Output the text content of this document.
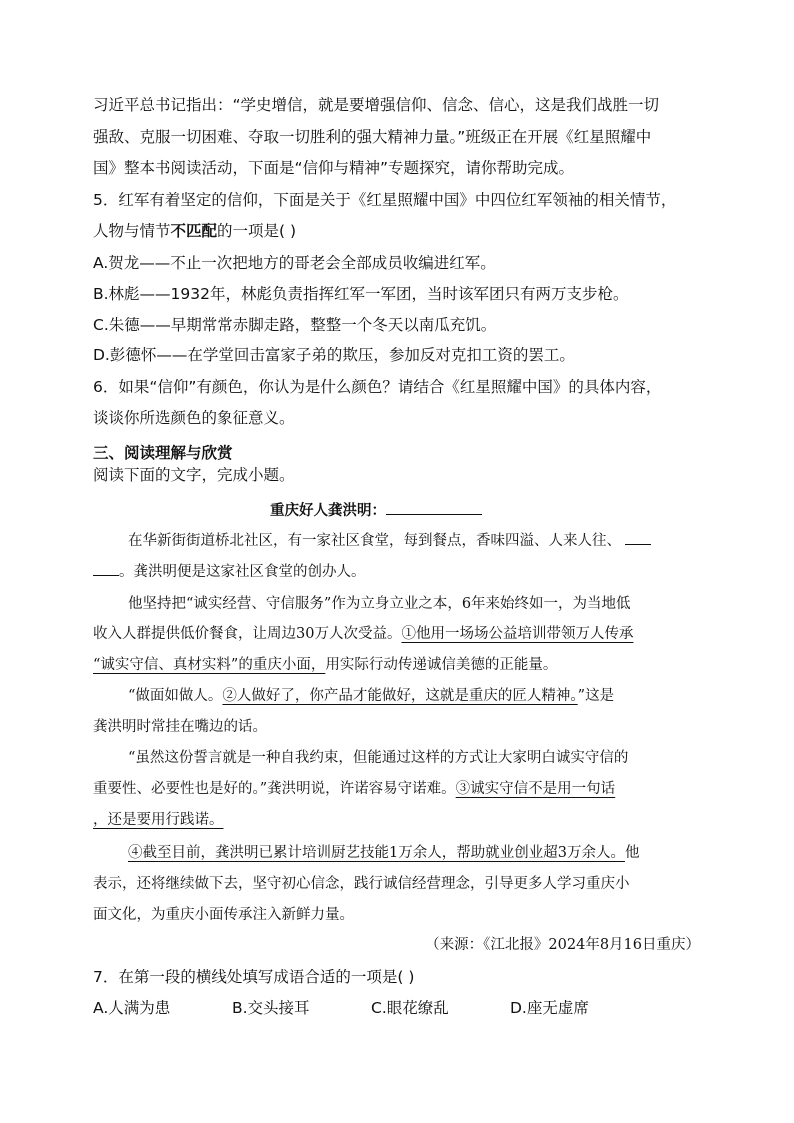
习近平总书记指出：“学史增信，就是要增强信仰、信念、信心，这是我们战胜一切
强敌、克服一切困难、夺取一切胜利的强大精神力量。”班级正在开展《红星照耀中
国》整本书阅读活动，下面是“信仰与精神”专题探究，请你帮助完成。
5．红军有着坚定的信仰，下面是关于《红星照耀中国》中四位红军领袖的相关情节，
人物与情节不匹配的一项是( )
A.贺龙——不止一次把地方的哥老会全部成员收编进红军。
B.林彪——1932年，林彪负责指挥红军一军团，当时该军团只有两万支步枪。
C.朱德——早期常常赤脚走路，整整一个冬天以南瓜充饥。
D.彭德怀——在学堂回击富家子弟的欺压，参加反对克扣工资的罢工。
6．如果“信仰”有颜色，你认为是什么颜色？请结合《红星照耀中国》的具体内容，
谈谈你所选颜色的象征意义。
三、阅读理解与欣赏
阅读下面的文字，完成小题。
重庆好人龚洪明：
在华新街街道桥北社区，有一家社区食堂，每到餐点，香味四溢、人来人往、
。龚洪明便是这家社区食堂的创办人。
他坚持把“诚实经营、守信服务”作为立身立业之本，6年来始终如一，为当地低
收入人群提供低价餐食，让周边30万人次受益。①他用一场场公益培训带领万人传承
“诚实守信、真材实料”的重庆小面，用实际行动传递诚信美德的正能量。
“做面如做人。②人做好了，你产品才能做好，这就是重庆的匠人精神。”这是
龚洪明时常挂在嘴边的话。
“虽然这份誓言就是一种自我约束，但能通过这样的方式让大家明白诚实守信的
重要性、必要性也是好的。”龚洪明说，许诺容易守诺难。③诚实守信不是用一句话
，还是要用行践诺。
④截至目前，龚洪明已累计培训厨艺技能1万余人，帮助就业创业超3万余人。他
表示，还将继续做下去，坚守初心信念，践行诚信经营理念，引导更多人学习重庆小
面文化，为重庆小面传承注入新鲜力量。
（来源：《江北报》2024年8月16日重庆）
7．在第一段的横线处填写成语合适的一项是( )
A.人满为患	B.交头接耳	C.眼花缭乱	D.座无虚席
